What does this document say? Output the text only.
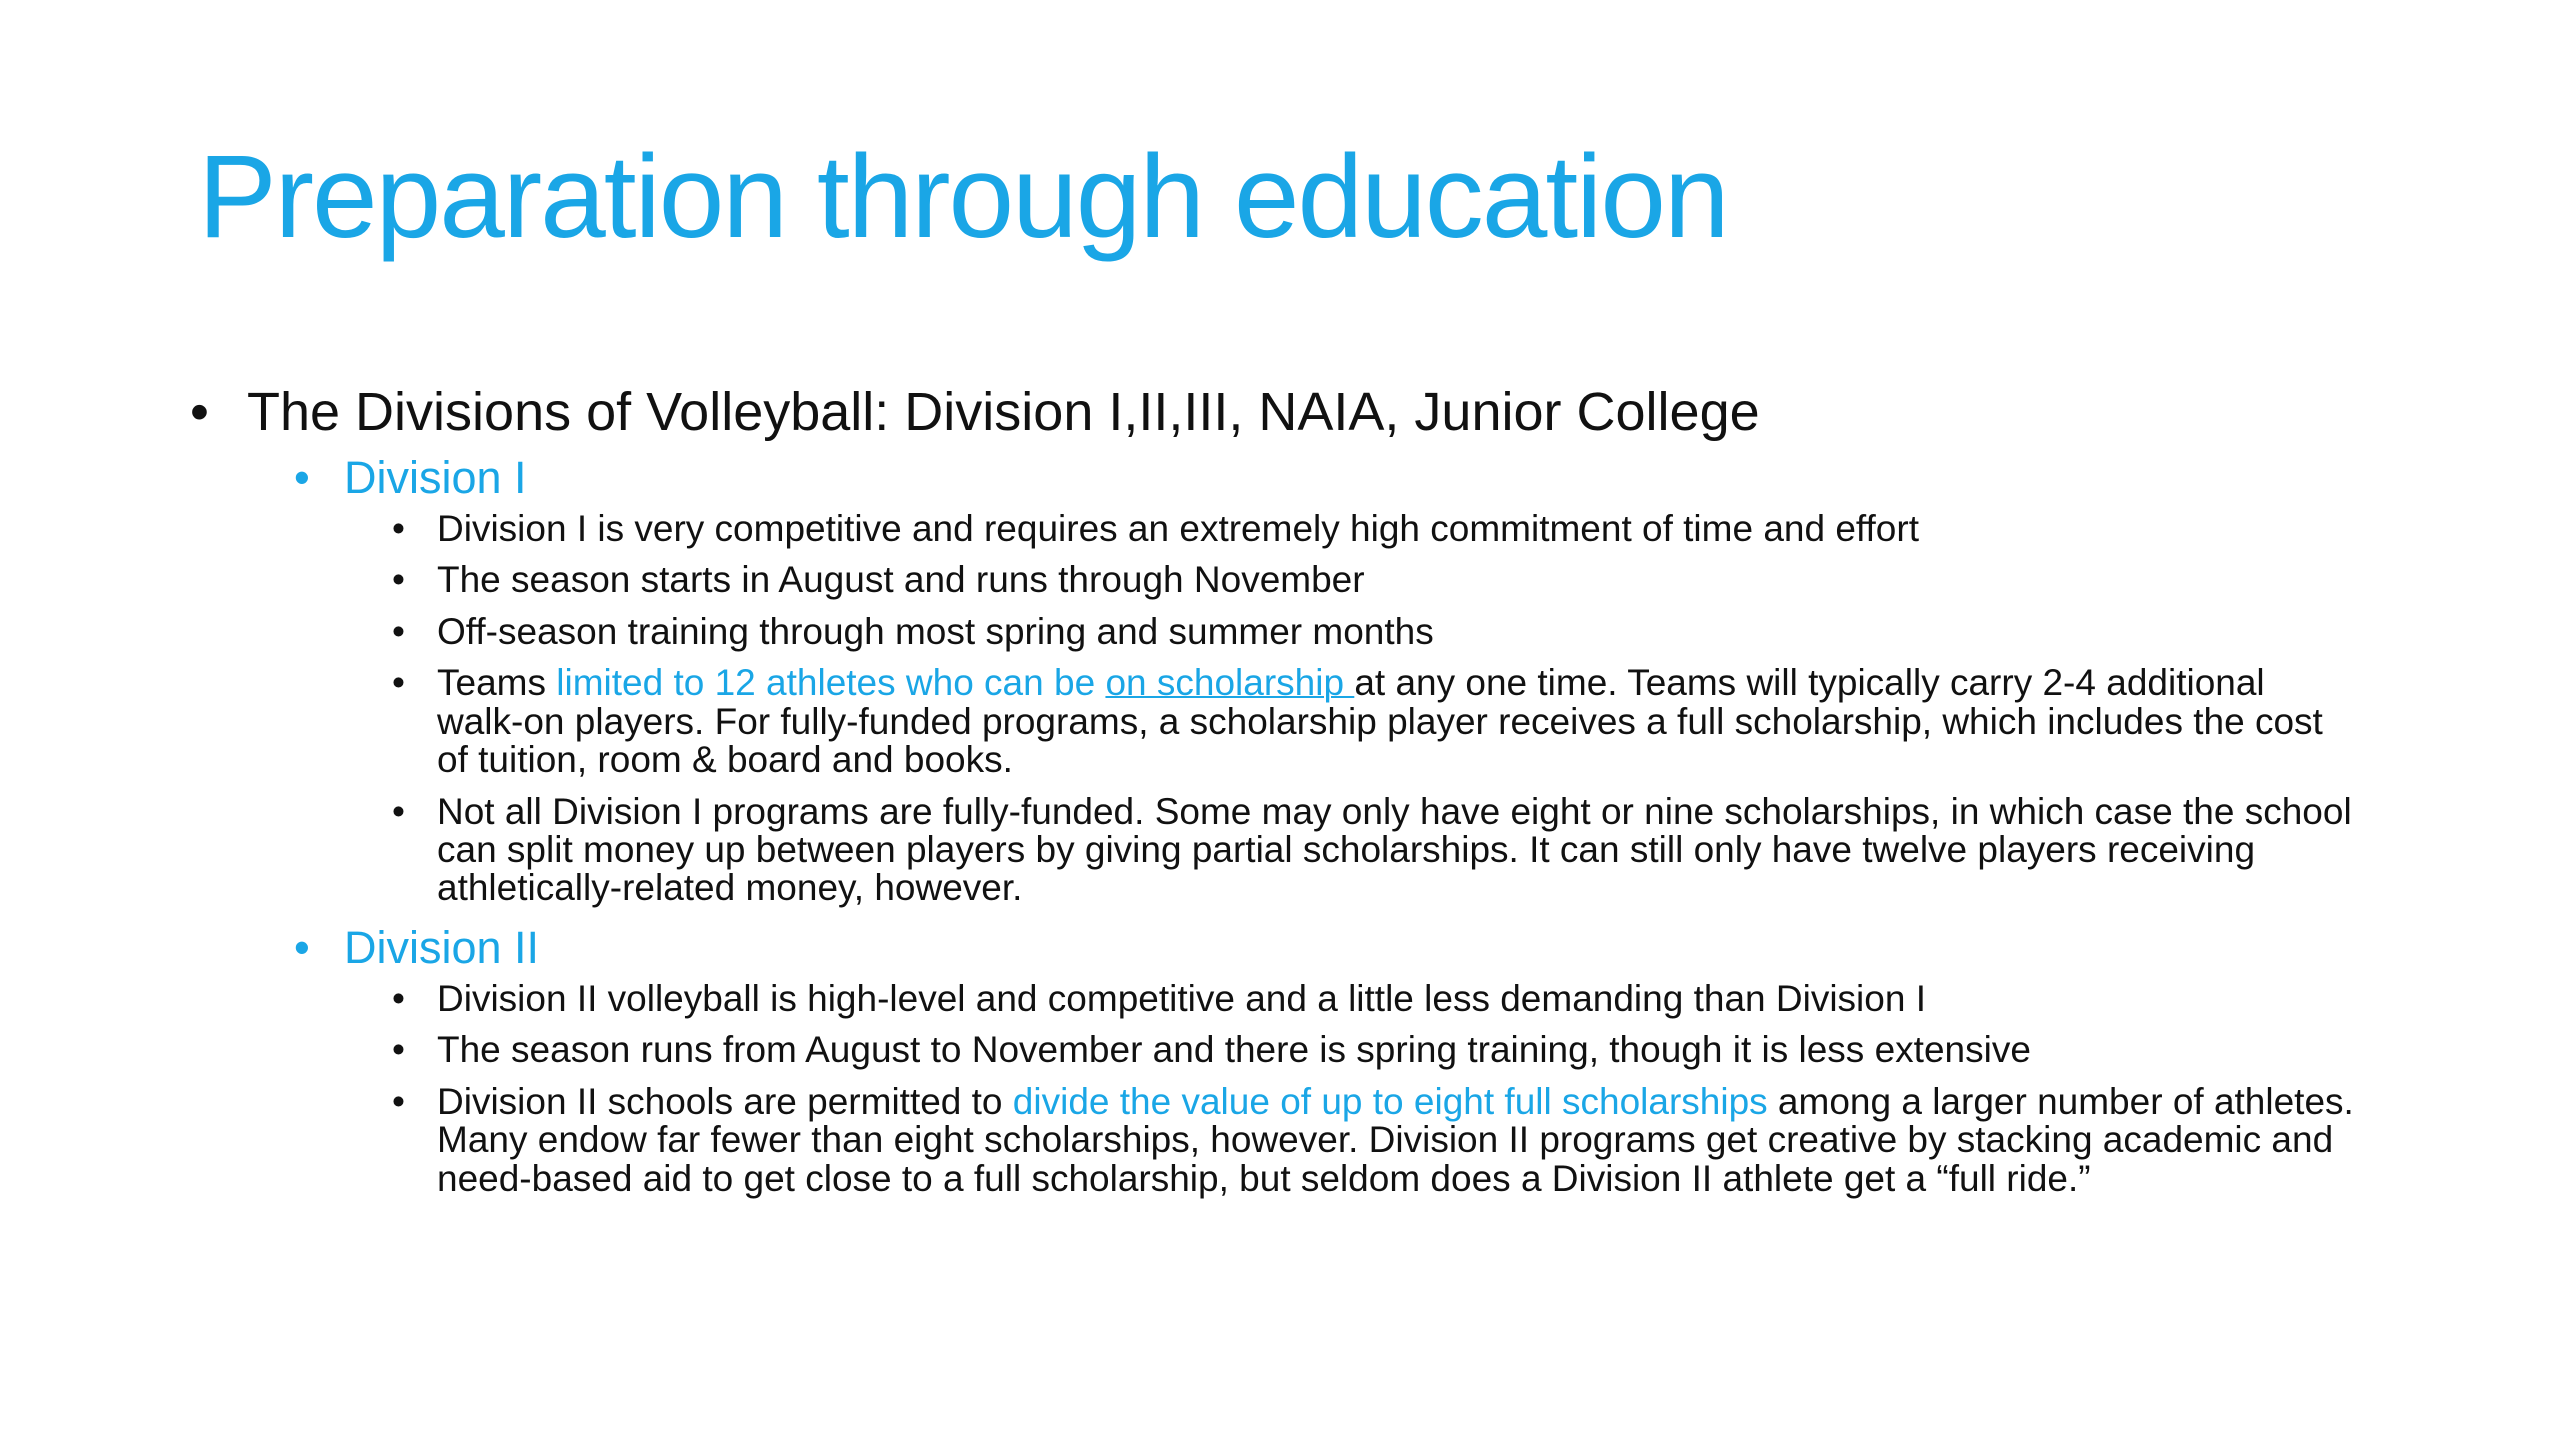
Preparation through education
• The Divisions of Volleyball: Division I,II,III, NAIA, Junior College
• Division I
• Division I is very competitive and requires an extremely high commitment of time and effort
• The season starts in August and runs through November
• Off-season training through most spring and summer months
• Teams limited to 12 athletes who can be on scholarship at any one time. Teams will typically carry 2-4 additional walk-on players. For fully-funded programs, a scholarship player receives a full scholarship, which includes the cost of tuition, room & board and books.
• Not all Division I programs are fully-funded. Some may only have eight or nine scholarships, in which case the school can split money up between players by giving partial scholarships. It can still only have twelve players receiving athletically-related money, however.
• Division II
• Division II volleyball is high-level and competitive and a little less demanding than Division I
• The season runs from August to November and there is spring training, though it is less extensive
• Division II schools are permitted to divide the value of up to eight full scholarships among a larger number of athletes. Many endow far fewer than eight scholarships, however. Division II programs get creative by stacking academic and need-based aid to get close to a full scholarship, but seldom does a Division II athlete get a “full ride.”
